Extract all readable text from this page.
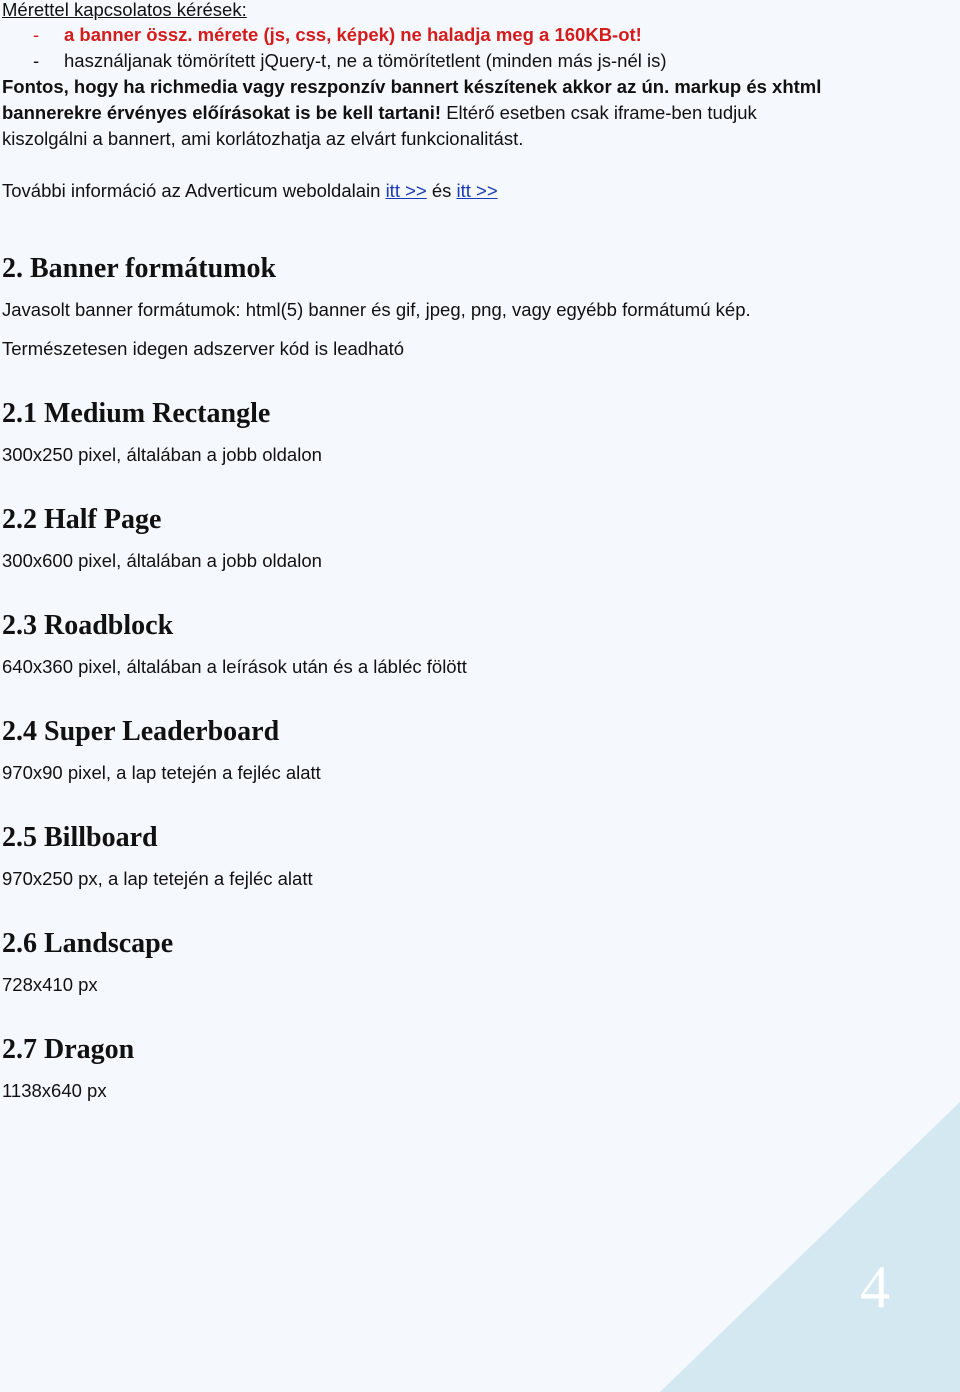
Mérettel kapcsolatos kérések:
-	a banner össz. mérete (js, css, képek) ne haladja meg a 160KB-ot!
-	használjanak tömörített jQuery-t, ne a tömörítetlent (minden más js-nél is)
Fontos, hogy ha richmedia vagy reszponzív bannert készítenek akkor az ún. markup és xhtml
bannerekre érvényes előírásokat is be kell tartani! Eltérő esetben csak iframe-ben tudjuk
kiszolgálni a bannert, ami korlátozhatja az elvárt funkcionalitást.
További információ az Adverticum weboldalain itt >> és itt >>
2. Banner formátumok
Javasolt banner formátumok: html(5) banner és gif, jpeg, png, vagy egyébb formátumú kép.
Természetesen idegen adszerver kód is leadható
2.1 Medium Rectangle
300x250 pixel, általában a jobb oldalon
2.2 Half Page
300x600 pixel, általában a jobb oldalon
2.3 Roadblock
640x360 pixel, általában a leírások után és a lábléc fölött
2.4 Super Leaderboard
970x90 pixel, a lap tetején a fejléc alatt
2.5 Billboard
970x250 px, a lap tetején a fejléc alatt
2.6 Landscape
728x410 px
2.7 Dragon
1138x640 px
4
